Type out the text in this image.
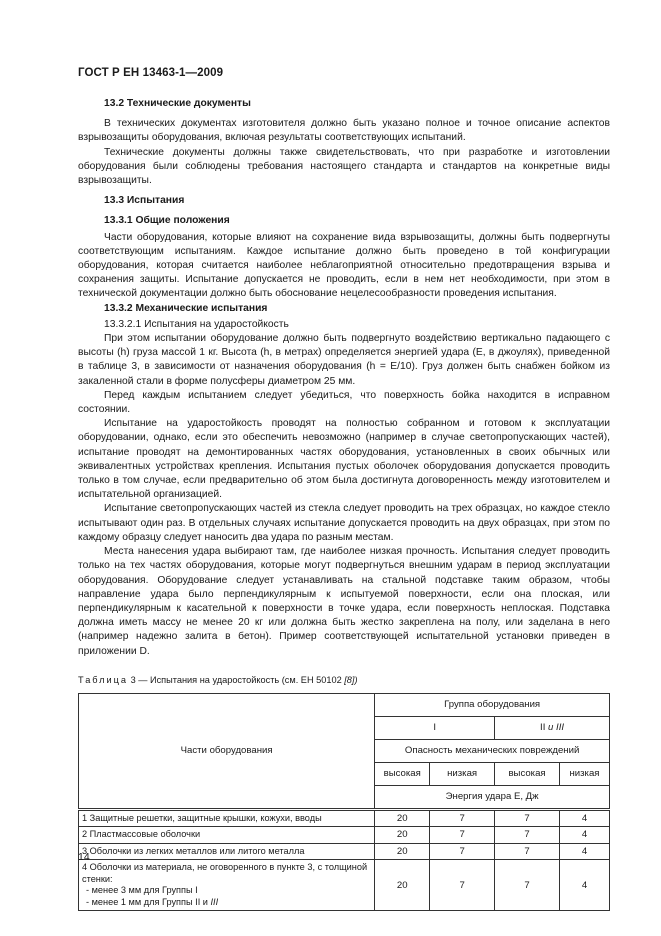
ГОСТ Р ЕН 13463-1—2009

13.2 Технические документы

В технических документах изготовителя должно быть указано полное и точное описание аспектов взрывозащиты оборудования, включая результаты соответствующих испытаний.

Технические документы должны также свидетельствовать, что при разработке и изготовлении оборудования были соблюдены требования настоящего стандарта и стандартов на конкретные виды взрывозащиты.

13.3 Испытания

13.3.1 Общие положения

Части оборудования, которые влияют на сохранение вида взрывозащиты, должны быть подвергнуты соответствующим испытаниям. Каждое испытание должно быть проведено в той конфигурации оборудования, которая считается наиболее неблагоприятной относительно предотвращения взрыва и сохранения защиты. Испытание допускается не проводить, если в нем нет необходимости, при этом в технической документации должно быть обоснование нецелесообразности проведения испытания.

13.3.2 Механические испытания

13.3.2.1 Испытания на ударостойкость

При этом испытании оборудование должно быть подвергнуто воздействию вертикально падающего с высоты (h) груза массой 1 кг. Высота (h, в метрах) определяется энергией удара (E, в джоулях), приведенной в таблице 3, в зависимости от назначения оборудования (h = E/10). Груз должен быть снабжен бойком из закаленной стали в форме полусферы диаметром 25 мм.

Перед каждым испытанием следует убедиться, что поверхность бойка находится в исправном состоянии.

Испытание на ударостойкость проводят на полностью собранном и готовом к эксплуатации оборудовании, однако, если это обеспечить невозможно (например в случае светопропускающих частей), испытание проводят на демонтированных частях оборудования, установленных в своих обычных или эквивалентных устройствах крепления. Испытания пустых оболочек оборудования допускается проводить только в том случае, если предварительно об этом была достигнута договоренность между изготовителем и испытательной организацией.

Испытание светопропускающих частей из стекла следует проводить на трех образцах, но каждое стекло испытывают один раз. В отдельных случаях испытание допускается проводить на двух образцах, при этом по каждому образцу следует наносить два удара по разным местам.

Места нанесения удара выбирают там, где наиболее низкая прочность. Испытания следует проводить только на тех частях оборудования, которые могут подвергнуться внешним ударам в период эксплуатации оборудования. Оборудование следует устанавливать на стальной подставке таким образом, чтобы направление удара было перпендикулярным к испытуемой поверхности, если она плоская, или перпендикулярным к касательной к поверхности в точке удара, если поверхность неплоская. Подставка должна иметь массу не менее 20 кг или должна быть жестко закреплена на полу, или заделана в него (например надежно залита в бетон). Пример соответствующей испытательной установки приведен в приложении D.

Таблица 3 — Испытания на ударостойкость (см. ЕН 50102 [8])

Части оборудования	Группа оборудования			
	I		II и III	
	Опасность механических повреждений			
	высокая	низкая	высокая	низкая
	Энергия удара Е, Дж			
1 Защитные решетки, защитные крышки, кожухи, вводы	20	7	7	4
2 Пластмассовые оболочки	20	7	7	4
3 Оболочки из легких металлов или литого металла	20	7	7	4

4 Оболочки из материала, не оговоренного в пункте 3, с толщиной стенки:
- менее 3 мм для Группы I
- менее 1 мм для Группы II и III	20	7	7	4
14
